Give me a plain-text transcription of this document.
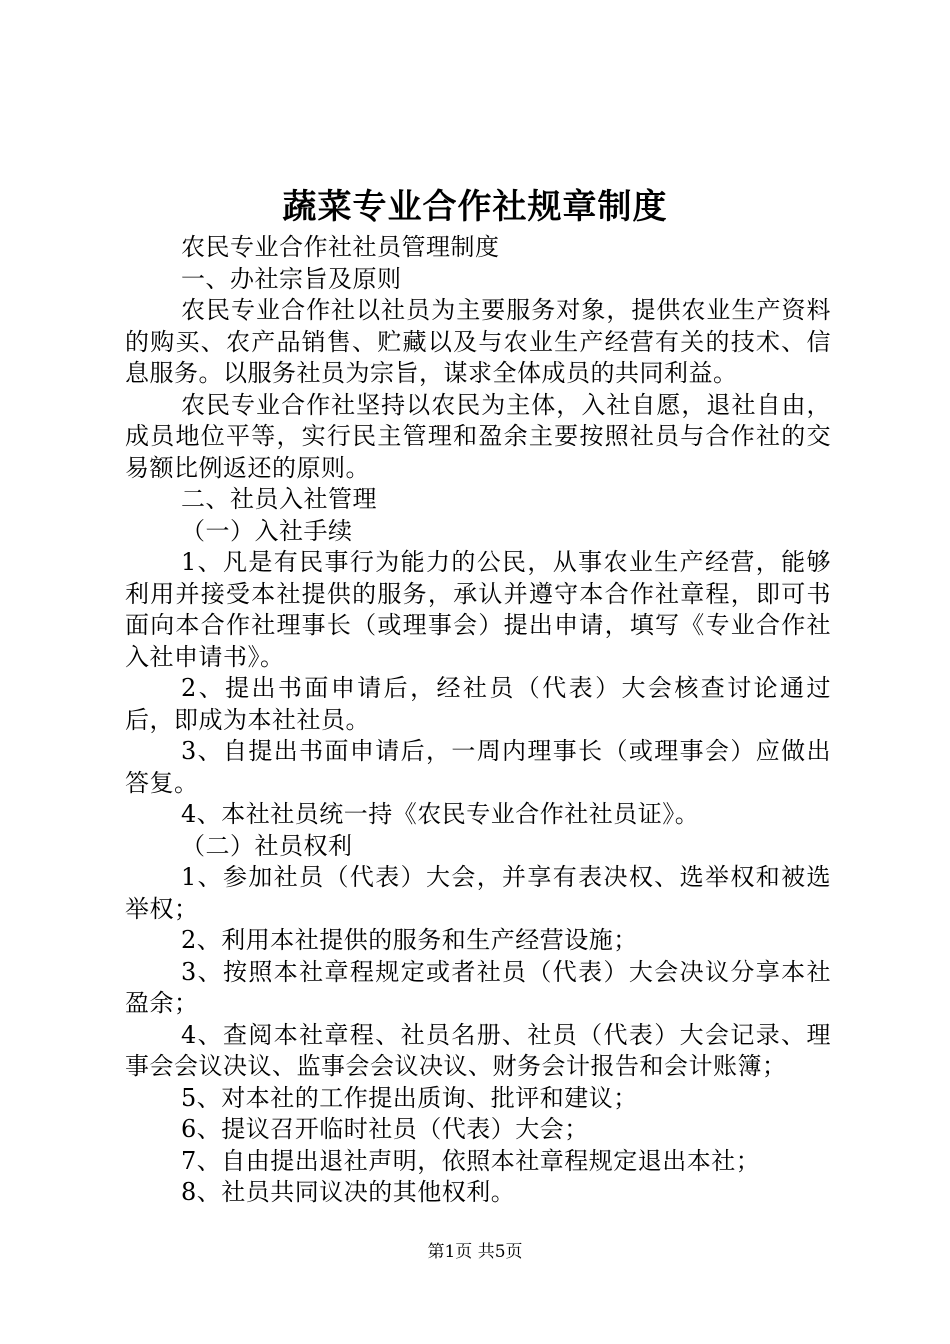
蔬菜专业合作社规章制度

农民专业合作社社员管理制度

一、办社宗旨及原则

农民专业合作社以社员为主要服务对象，提供农业生产资料的购买、农产品销售、贮藏以及与农业生产经营有关的技术、信息服务。以服务社员为宗旨，谋求全体成员的共同利益。

农民专业合作社坚持以农民为主体，入社自愿，退社自由，成员地位平等，实行民主管理和盈余主要按照社员与合作社的交易额比例返还的原则。

二、社员入社管理

（一）入社手续

1、凡是有民事行为能力的公民，从事农业生产经营，能够利用并接受本社提供的服务，承认并遵守本合作社章程，即可书面向本合作社理事长（或理事会）提出申请，填写《专业合作社入社申请书》。

2、提出书面申请后，经社员（代表）大会核查讨论通过后，即成为本社社员。

3、自提出书面申请后，一周内理事长（或理事会）应做出答复。

4、本社社员统一持《农民专业合作社社员证》。

（二）社员权利

1、参加社员（代表）大会，并享有表决权、选举权和被选举权；

2、利用本社提供的服务和生产经营设施；

3、按照本社章程规定或者社员（代表）大会决议分享本社盈余；

4、查阅本社章程、社员名册、社员（代表）大会记录、理事会会议决议、监事会会议决议、财务会计报告和会计账簿；

5、对本社的工作提出质询、批评和建议；

6、提议召开临时社员（代表）大会；

7、自由提出退社声明，依照本社章程规定退出本社；

8、社员共同议决的其他权利。

第1页 共5页
